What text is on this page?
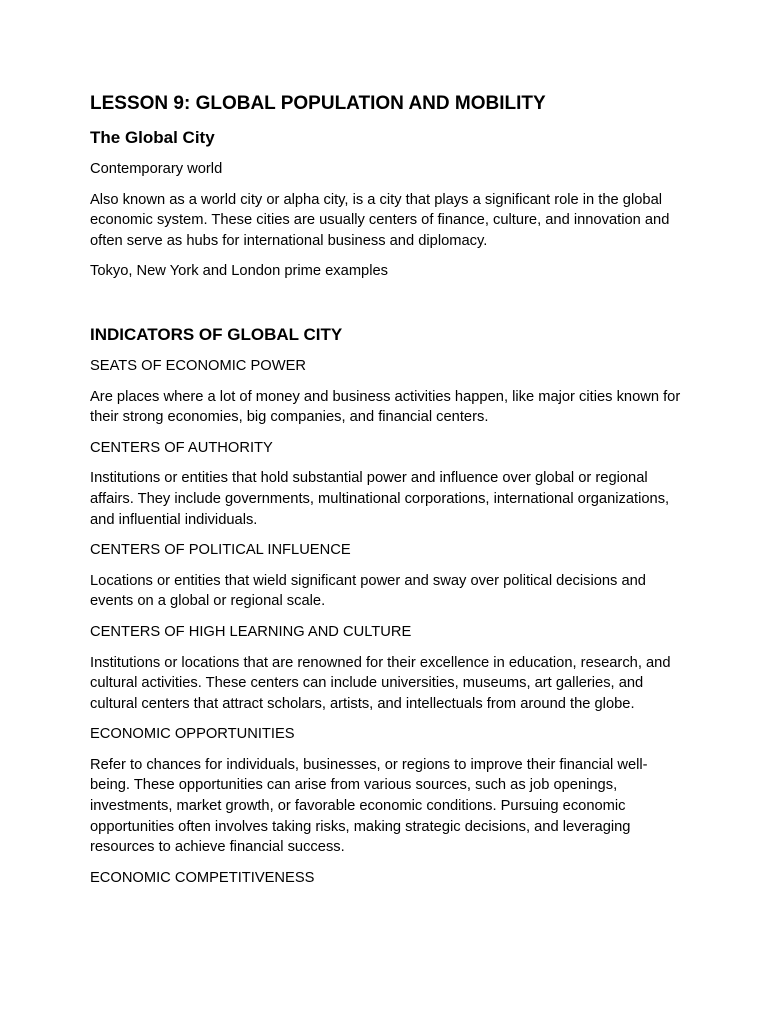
LESSON 9: GLOBAL POPULATION AND MOBILITY
The Global City
Contemporary world
Also known as a world city or alpha city, is a city that plays a significant role in the global economic system. These cities are usually centers of finance, culture, and innovation and often serve as hubs for international business and diplomacy.
Tokyo, New York and London prime examples
INDICATORS OF GLOBAL CITY
SEATS OF ECONOMIC POWER
Are places where a lot of money and business activities happen, like major cities known for their strong economies, big companies, and financial centers.
CENTERS OF AUTHORITY
Institutions or entities that hold substantial power and influence over global or regional affairs. They include governments, multinational corporations, international organizations, and influential individuals.
CENTERS OF POLITICAL INFLUENCE
Locations or entities that wield significant power and sway over political decisions and events on a global or regional scale.
CENTERS OF HIGH LEARNING AND CULTURE
Institutions or locations that are renowned for their excellence in education, research, and cultural activities. These centers can include universities, museums, art galleries, and cultural centers that attract scholars, artists, and intellectuals from around the globe.
ECONOMIC OPPORTUNITIES
Refer to chances for individuals, businesses, or regions to improve their financial well-being. These opportunities can arise from various sources, such as job openings, investments, market growth, or favorable economic conditions. Pursuing economic opportunities often involves taking risks, making strategic decisions, and leveraging resources to achieve financial success.
ECONOMIC COMPETITIVENESS
